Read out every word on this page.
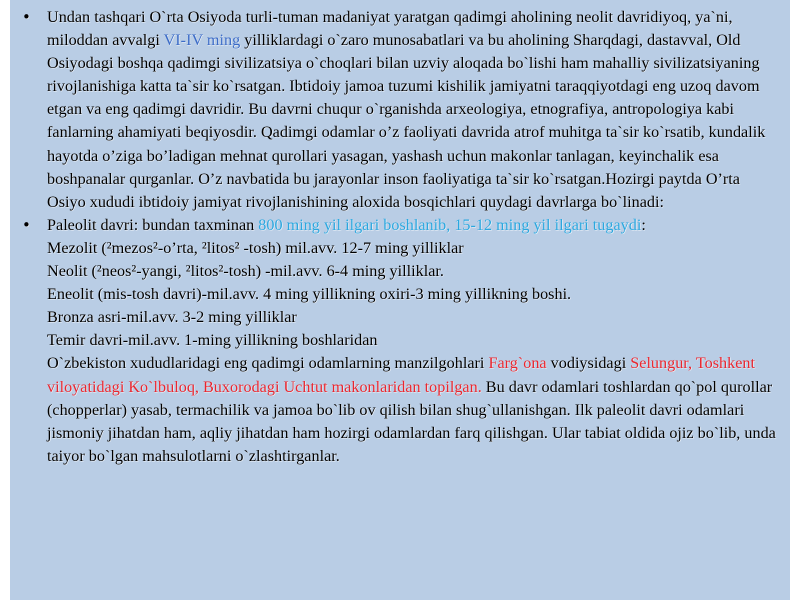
• Undan tashqari O`rta Osiyoda turli-tuman madaniyat yaratgan qadimgi aholining neolit davridiyoq, ya`ni, miloddan avvalgi VI-IV ming yilliklardagi o`zaro munosabatlari va bu aholining Sharqdagi, dastavval, Old Osiyodagi boshqa qadimgi sivilizatsiya o`choqlari bilan uzviy aloqada bo`lishi ham mahalliy sivilizatsiyaning rivojlanishiga katta ta`sir ko`rsatgan. Ibtidoiy jamoa tuzumi kishilik jamiyatni taraqqiyotdagi eng uzoq davom etgan va eng qadimgi davridir. Bu davrni chuqur o`rganishda arxeologiya, etnografiya, antropologiya kabi fanlarning ahamiyati beqiyosdir. Qadimgi odamlar o’z faoliyati davrida atrof muhitga ta`sir ko`rsatib, kundalik hayotda o’ziga bo’ladigan mehnat qurollari yasagan, yashash uchun makonlar tanlagan, keyinchalik esa boshpanalar qurganlar. O’z navbatida bu jarayonlar inson faoliyatiga ta`sir ko`rsatgan.Hozirgi paytda O’rta Osiyo xududi ibtidoiy jamiyat rivojlanishining aloxida bosqichlari quydagi davrlarga bo`linadi:

• Paleolit davri: bundan taxminan 800 ming yil ilgari boshlanib, 15-12 ming yil ilgari tugaydi:

Mezolit (²mezos²-o’rta, ²litos² -tosh) mil.avv. 12-7 ming yilliklar

Neolit (²neos²-yangi, ²litos²-tosh) -mil.avv. 6-4 ming yilliklar.

Eneolit (mis-tosh davri)-mil.avv. 4 ming yillikning oxiri-3 ming yillikning boshi.

Bronza asri-mil.avv. 3-2 ming yilliklar

Temir davri-mil.avv. 1-ming yillikning boshlaridan

O`zbekiston xududlaridagi eng qadimgi odamlarning manzilgohlari Farg`ona vodiysidagi Selungur, Toshkent viloyatidagi Ko`lbuloq, Buxorodagi Uchtut makonlaridan topilgan. Bu davr odamlari toshlardan qo`pol qurollar (chopperlar) yasab, termachilik va jamoa bo`lib ov qilish bilan shug`ullanishgan. Ilk paleolit davri odamlari jismoniy jihatdan ham, aqliy jihatdan ham hozirgi odamlardan farq qilishgan. Ular tabiat oldida ojiz bo`lib, unda taiyor bo`lgan mahsulotlarni o`zlashtirganlar.
